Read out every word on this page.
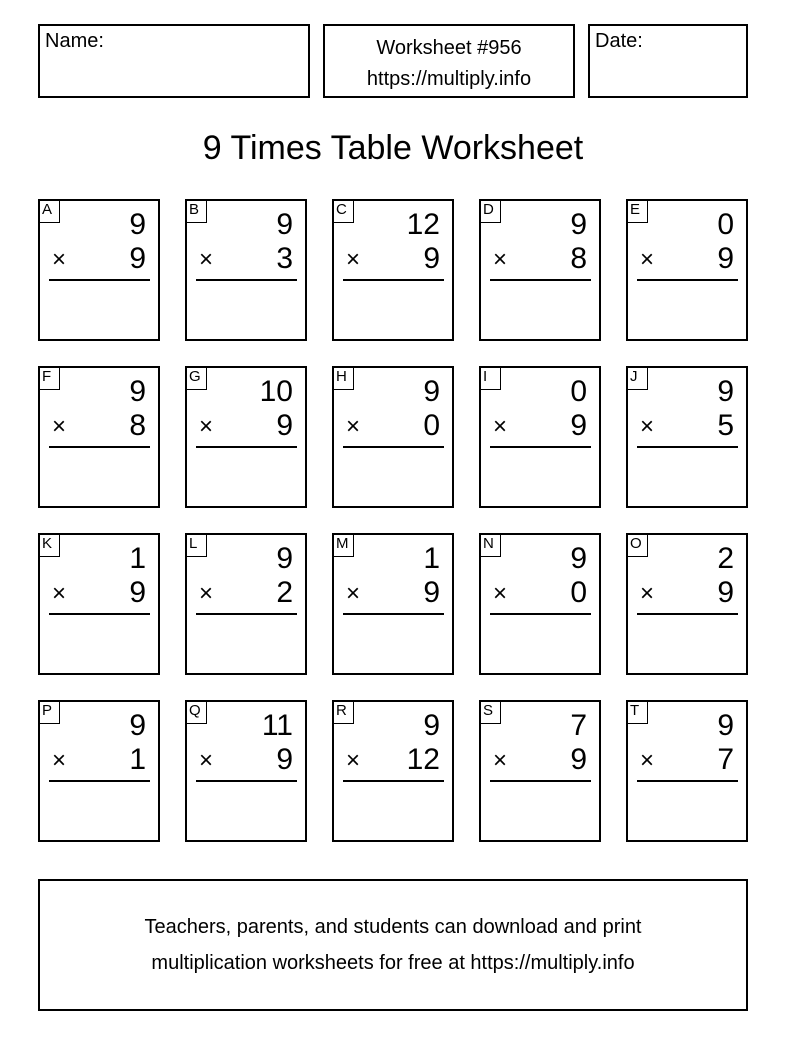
Name:	Worksheet #956
https://multiply.info
Date:
9 Times Table Worksheet
A	9
× 9
B	9
× 3
C 12
× 9
D	9
× 8
E	0
× 9
F	9
× 8
G 10
× 9
H	9
× 0
I	0
× 9
J	9
× 5
K	1
× 9
L	9
× 2
M 1
× 9
N	9
× 0
O	2
× 9
P	9
× 1
Q 11
× 9
R	9
× 12
S	7
× 9
T	9
× 7
Teachers, parents, and students can download and print
multiplication worksheets for free at https://multiply.info
